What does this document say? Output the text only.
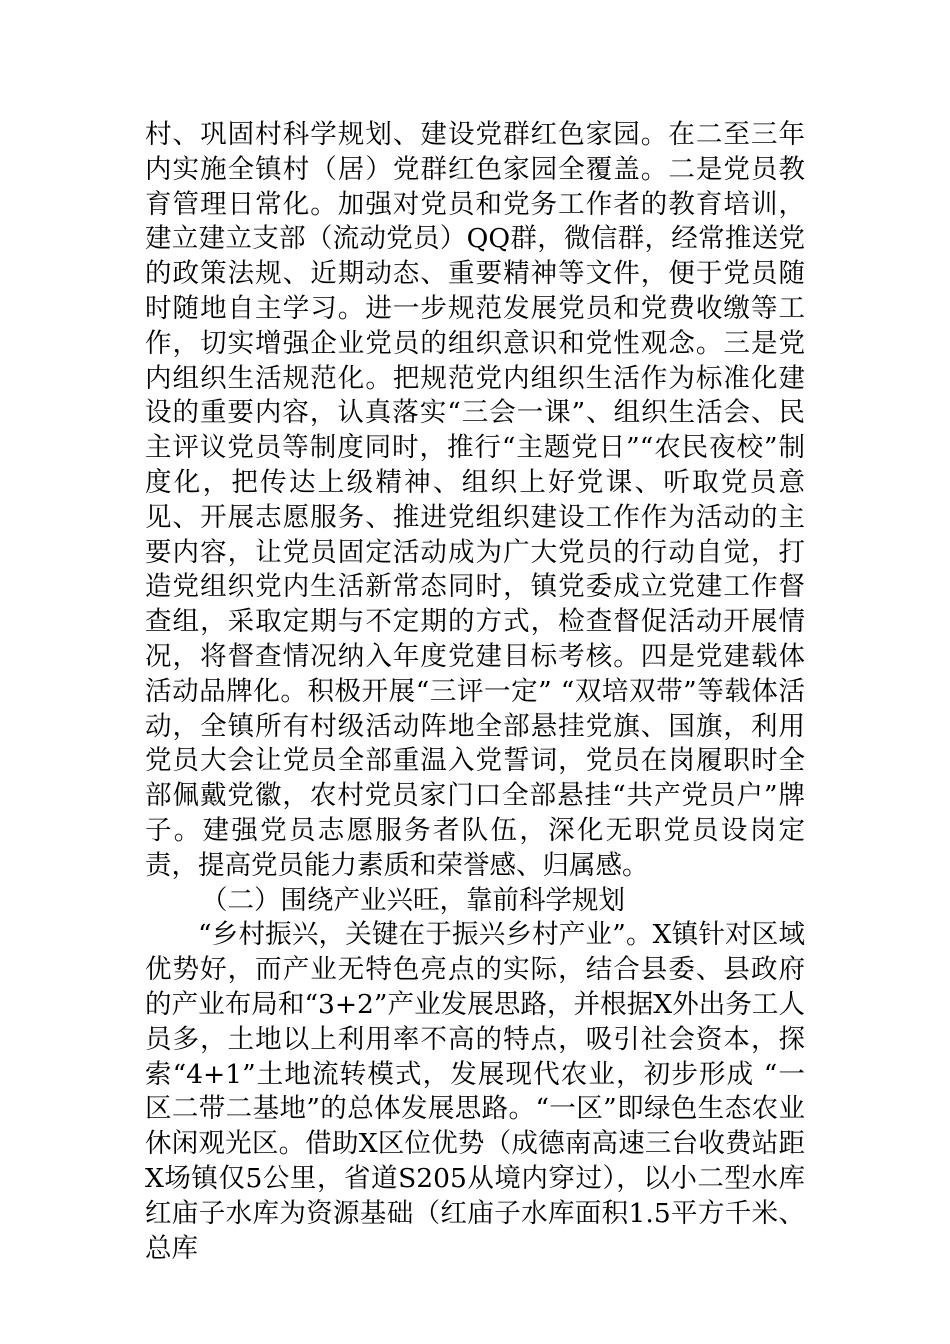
村、巩固村科学规划、建设党群红色家园。在二至三年内实施全镇村（居）党群红色家园全覆盖。二是党员教育管理日常化。加强对党员和党务工作者的教育培训，建立建立支部（流动党员）QQ群，微信群，经常推送党的政策法规、近期动态、重要精神等文件，便于党员随时随地自主学习。进一步规范发展党员和党费收缴等工作，切实增强企业党员的组织意识和党性观念。三是党内组织生活规范化。把规范党内组织生活作为标准化建设的重要内容，认真落实“三会一课”、组织生活会、民主评议党员等制度同时，推行“主题党日”“农民夜校”制度化，把传达上级精神、组织上好党课、听取党员意见、开展志愿服务、推进党组织建设工作作为活动的主要内容，让党员固定活动成为广大党员的行动自觉，打造党组织党内生活新常态同时，镇党委成立党建工作督查组，采取定期与不定期的方式，检查督促活动开展情况，将督查情况纳入年度党建目标考核。四是党建载体活动品牌化。积极开展“三评一定” “双培双带”等载体活动，全镇所有村级活动阵地全部悬挂党旗、国旗，利用党员大会让党员全部重温入党誓词，党员在岗履职时全部佩戴党徽，农村党员家门口全部悬挂“共产党员户”牌子。建强党员志愿服务者队伍，深化无职党员设岗定责，提高党员能力素质和荣誉感、归属感。

（二）围绕产业兴旺，靠前科学规划

“乡村振兴，关键在于振兴乡村产业”。X镇针对区域优势好，而产业无特色亮点的实际，结合县委、县政府的产业布局和“3+2”产业发展思路，并根据X外出务工人员多，土地以上利用率不高的特点，吸引社会资本，探索“4+1”土地流转模式，发展现代农业，初步形成 “一区二带二基地”的总体发展思路。“一区”即绿色生态农业休闲观光区。借助X区位优势（成德南高速三台收费站距X场镇仅5公里，省道S205从境内穿过），以小二型水库红庙子水库为资源基础（红庙子水库面积1.5平方千米、总库
